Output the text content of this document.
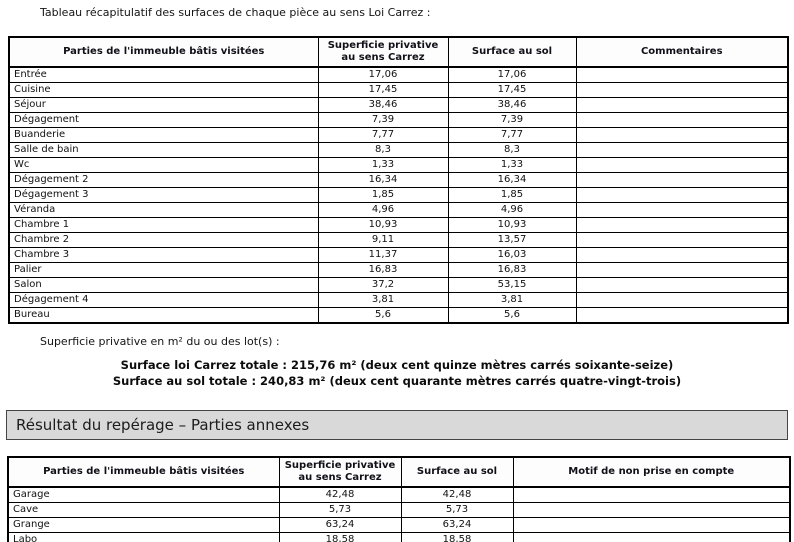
Tableau récapitulatif des surfaces de chaque pièce au sens Loi Carrez :

Parties de l'immeuble bâtis visitées	Superficie privative au sens Carrez	Surface au sol	Commentaires
Entrée	17,06	17,06	
Cuisine	17,45	17,45	
Séjour	38,46	38,46	
Dégagement	7,39	7,39	
Buanderie	7,77	7,77	
Salle de bain	8,3	8,3	
Wc	1,33	1,33	
Dégagement 2	16,34	16,34	
Dégagement 3	1,85	1,85	
Véranda	4,96	4,96	
Chambre 1	10,93	10,93	
Chambre 2	9,11	13,57	
Chambre 3	11,37	16,03	
Palier	16,83	16,83	
Salon	37,2	53,15	
Dégagement 4	3,81	3,81	
Bureau	5,6	5,6	

Superficie privative en m² du ou des lot(s) :

Surface loi Carrez totale : 215,76 m² (deux cent quinze mètres carrés soixante-seize)

Surface au sol totale : 240,83 m² (deux cent quarante mètres carrés quatre-vingt-trois)

Résultat du repérage – Parties annexes
Parties de l'immeuble bâtis visitées	Superficie privative au sens Carrez	Surface au sol	Motif de non prise en compte
Garage	42,48	42,48	
Cave	5,73	5,73	
Grange	63,24	63,24	
Labo	18,58	18,58	
